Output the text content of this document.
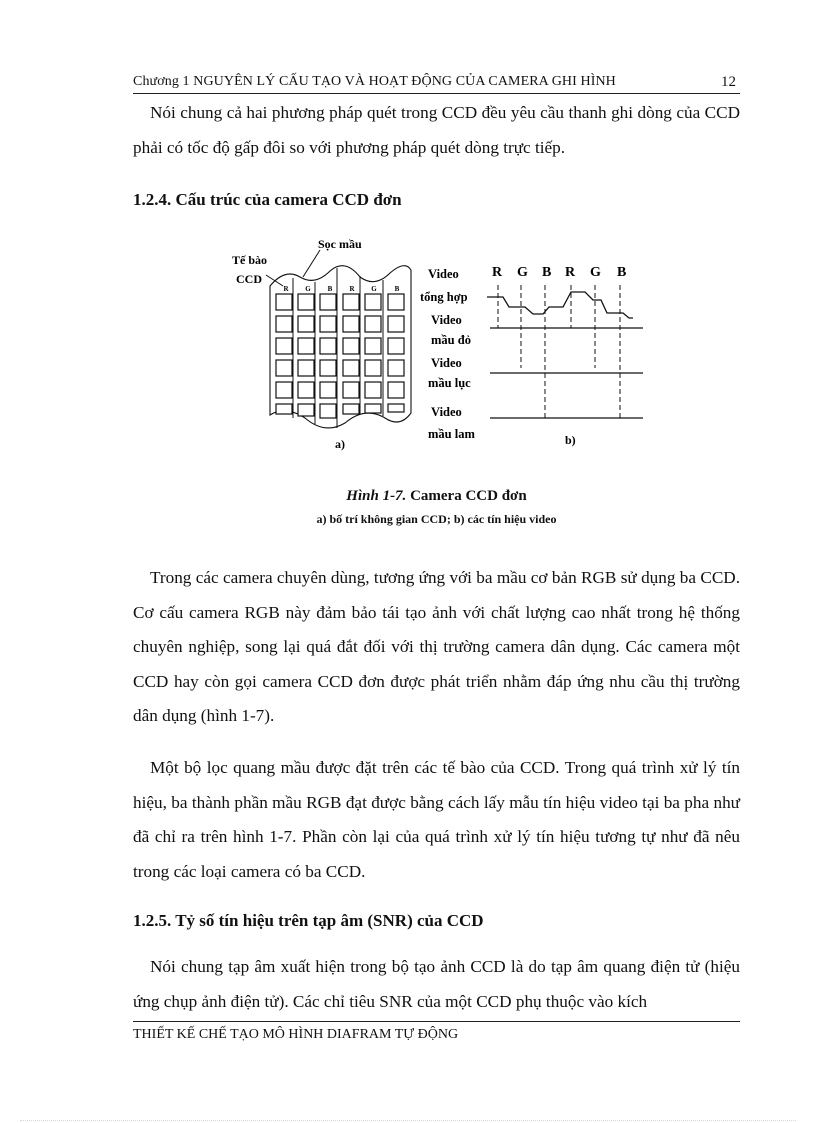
Chương 1 NGUYÊN LÝ CẤU TẠO VÀ HOẠT ĐỘNG CỦA CAMERA GHI HÌNH	12

Nói chung cả hai phương pháp quét trong CCD đều yêu cầu thanh ghi dòng của CCD phải có tốc độ gấp đôi so với phương pháp quét dòng trực tiếp.

1.2.4. Cấu trúc của camera CCD đơn

Sọc mầu
Tế bào
CCD
R G B R G	B
a)
R G B R G B
Video
tổng hợp
Video
mầu đỏ
Video
mầu lục
Video
mầu lam	b)
Hình 1-7. Camera CCD đơn
a) bố trí không gian CCD; b) các tín hiệu video

Trong các camera chuyên dùng, tương ứng với ba mầu cơ bản RGB sử dụng ba CCD. Cơ cấu camera RGB này đảm bảo tái tạo ảnh với chất lượng cao nhất trong hệ thống chuyên nghiệp, song lại quá đắt đối với thị trường camera dân dụng. Các camera một CCD hay còn gọi camera CCD đơn được phát triển nhằm đáp ứng nhu cầu thị trường dân dụng (hình 1-7).

Một bộ lọc quang mầu được đặt trên các tế bào của CCD. Trong quá trình xử lý tín hiệu, ba thành phần mầu RGB đạt được bằng cách lấy mẫu tín hiệu video tại ba pha như đã chỉ ra trên hình 1-7. Phần còn lại của quá trình xử lý tín hiệu tương tự như đã nêu trong các loại camera có ba CCD.

1.2.5. Tỷ số tín hiệu trên tạp âm (SNR) của CCD

Nói chung tạp âm xuất hiện trong bộ tạo ảnh CCD là do tạp âm quang điện tử (hiệu ứng chụp ảnh điện tử). Các chỉ tiêu SNR của một CCD phụ thuộc vào kích

THIẾT KẾ CHẾ TẠO MÔ HÌNH DIAFRAM TỰ ĐỘNG
